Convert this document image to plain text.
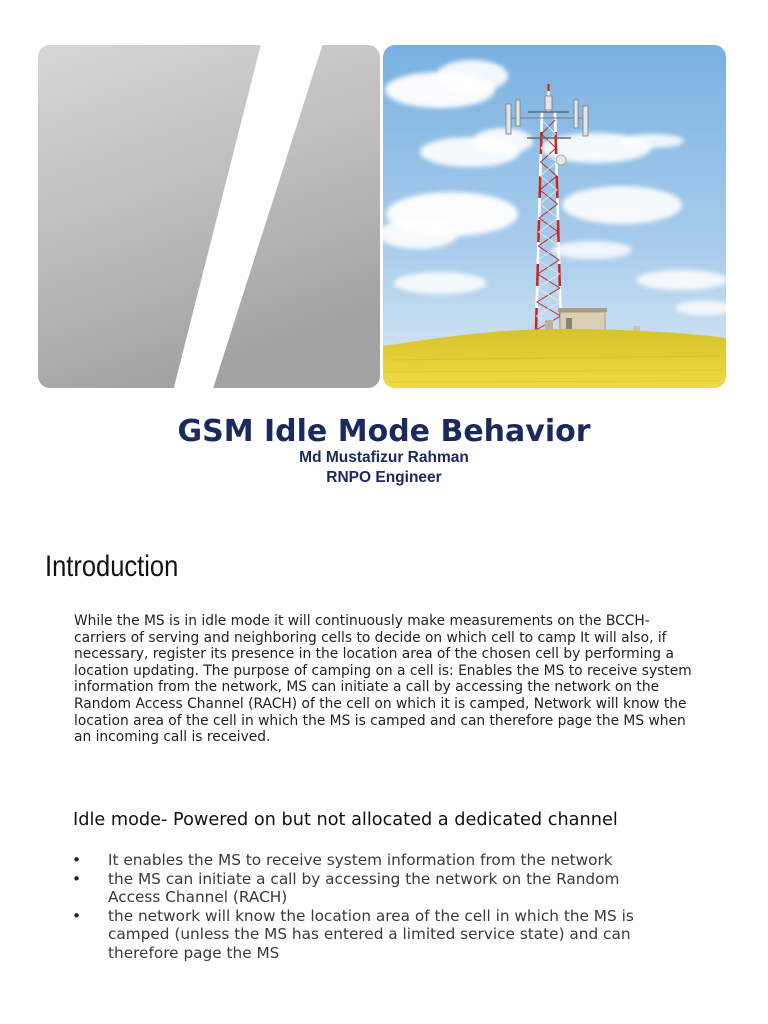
GSM Idle Mode Behavior
Md Mustafizur Rahman
RNPO Engineer
Introduction
While the MS is in idle mode it will continuously make measurements on the BCCH-
carriers of serving and neighboring cells to decide on which cell to camp It will also, if
necessary, register its presence in the location area of the chosen cell by performing a
location updating. The purpose of camping on a cell is: Enables the MS to receive system
information from the network, MS can initiate a call by accessing the network on the
Random Access Channel (RACH) of the cell on which it is camped, Network will know the
location area of the cell in which the MS is camped and can therefore page the MS when
an incoming call is received.
Idle mode- Powered on but not allocated a dedicated channel
• It enables the MS to receive system information from the network
• the MS can initiate a call by accessing the network on the Random Access Channel (RACH)
• the network will know the location area of the cell in which the MS is camped (unless the MS has entered a limited service state) and can therefore page the MS
